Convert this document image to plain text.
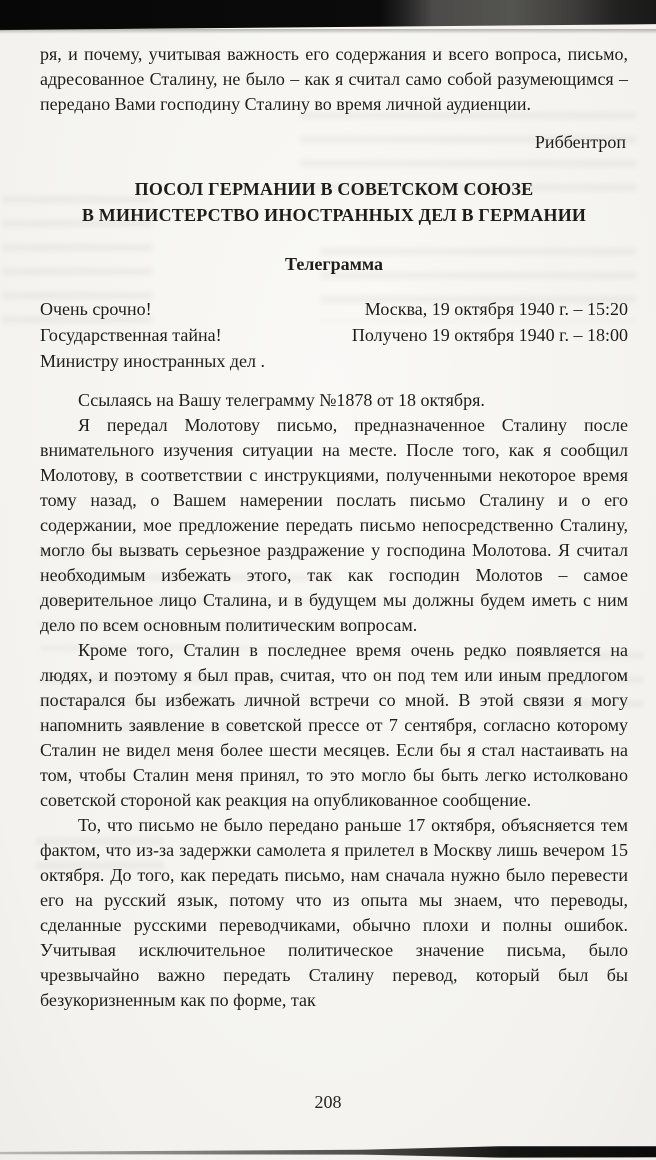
ря, и почему, учитывая важность его содержания и всего вопроса, письмо, адресованное Сталину, не было – как я считал само собой разумеющимся – передано Вами господину Сталину во время личной аудиенции.

Риббентроп
ПОСОЛ ГЕРМАНИИ В СОВЕТСКОМ СОЮЗЕ
В МИНИСТЕРСТВО ИНОСТРАННЫХ ДЕЛ В ГЕРМАНИИ
Телеграмма
Очень срочно!	Москва, 19 октября 1940 г. – 15:20
Государственная тайна!	Получено 19 октября 1940 г. – 18:00
Министру иностранных дел .

Ссылаясь на Вашу телеграмму №1878 от 18 октября.

Я передал Молотову письмо, предназначенное Сталину после внимательного изучения ситуации на месте. После того, как я сообщил Молотову, в соответствии с инструкциями, полученными некоторое время тому назад, о Вашем намерении послать письмо Сталину и о его содержании, мое предложение передать письмо непосредственно Сталину, могло бы вызвать серьезное раздражение у господина Молотова. Я считал необходимым избежать этого, так как господин Молотов – самое доверительное лицо Сталина, и в будущем мы должны будем иметь с ним дело по всем основным политическим вопросам.

Кроме того, Сталин в последнее время очень редко появляется на людях, и поэтому я был прав, считая, что он под тем или иным предлогом постарался бы избежать личной встречи со мной. В этой связи я могу напомнить заявление в советской прессе от 7 сентября, согласно которому Сталин не видел меня более шести месяцев. Если бы я стал настаивать на том, чтобы Сталин меня принял, то это могло бы быть легко истолковано советской стороной как реакция на опубликованное сообщение.

То, что письмо не было передано раньше 17 октября, объясняется тем фактом, что из-за задержки самолета я прилетел в Москву лишь вечером 15 октября. До того, как передать письмо, нам сначала нужно было перевести его на русский язык, потому что из опыта мы знаем, что переводы, сделанные русскими переводчиками, обычно плохи и полны ошибок. Учитывая исключительное политическое значение письма, было чрезвычайно важно передать Сталину перевод, который был бы безукоризненным как по форме, так

208
